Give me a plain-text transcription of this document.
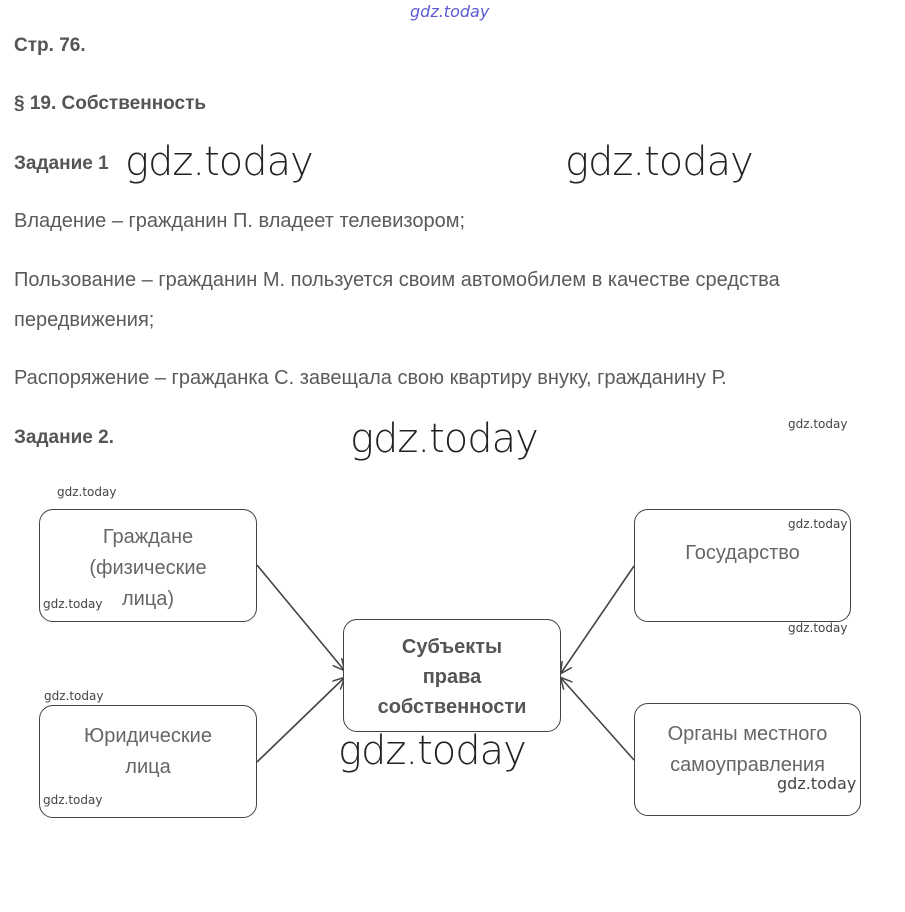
gdz.today
Стр. 76.
§ 19. Собственность
Задание 1
Владение – гражданин П. владеет телевизором;
Пользование – гражданин М. пользуется своим автомобилем в качестве средства
передвижения;
Распоряжение – гражданка С. завещала свою квартиру внуку, гражданину Р.
Задание 2.
Граждане
(физические
лица)
Юридические
лица
Субъекты
права
собственности
Государство
Органы местного
самоуправления
gdz.today	gdz.today
gdz.today
gdz.today
gdz.today
gdz.today
gdz.today
gdz.today
gdz.today
gdz.today
gdz.today
gdz.today
